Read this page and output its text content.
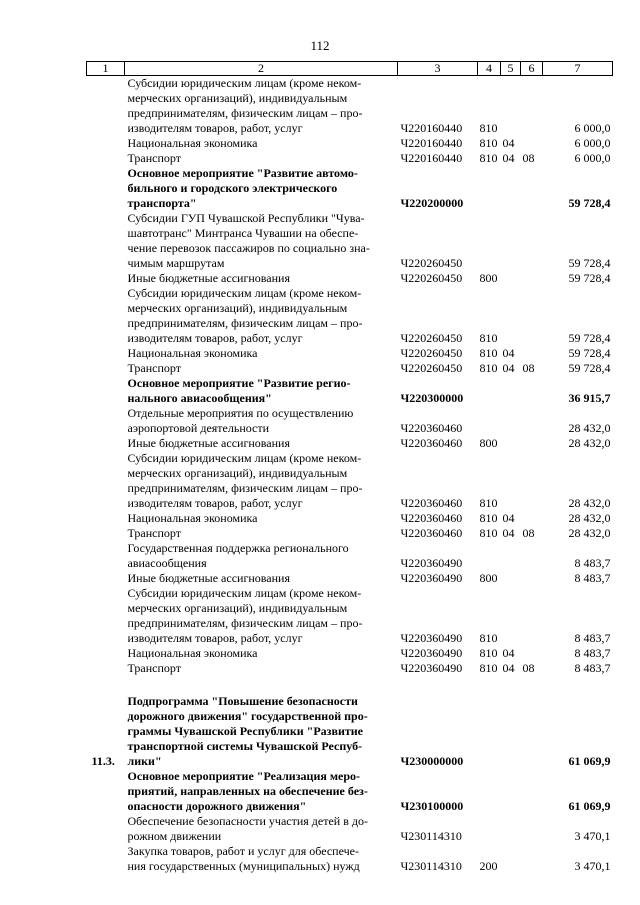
112
1	2	3	4	5	6	7

	Субсидии юридическим лицам (кроме неком-
мерческих организаций), индивидуальным
предпринимателям, физическим лицам – про-
изводителям товаров, работ, услуг	Ч220160440	810			6 000,0

	Национальная экономика	Ч220160440	810	04		6 000,0

	Транспорт	Ч220160440	810	04	08	6 000,0

	Основное мероприятие "Развитие автомо-
бильного и городского электрического
транспорта"	Ч220200000				59 728,4

	Субсидии ГУП Чувашской Республики "Чува-
шавтотранс" Минтранса Чувашии на обеспе-
чение перевозок пассажиров по социально зна-
чимым маршрутам	Ч220260450				59 728,4

	Иные бюджетные ассигнования	Ч220260450	800			59 728,4

	Субсидии юридическим лицам (кроме неком-
мерческих организаций), индивидуальным
предпринимателям, физическим лицам – про-
изводителям товаров, работ, услуг	Ч220260450	810			59 728,4

	Национальная экономика	Ч220260450	810	04		59 728,4

	Транспорт	Ч220260450	810	04	08	59 728,4

	Основное мероприятие "Развитие регио-
нального авиасообщения"	Ч220300000				36 915,7

	Отдельные мероприятия по осуществлению
аэропортовой деятельности	Ч220360460				28 432,0

	Иные бюджетные ассигнования	Ч220360460	800			28 432,0

	Субсидии юридическим лицам (кроме неком-
мерческих организаций), индивидуальным
предпринимателям, физическим лицам – про-
изводителям товаров, работ, услуг	Ч220360460	810			28 432,0

	Национальная экономика	Ч220360460	810	04		28 432,0

	Транспорт	Ч220360460	810	04	08	28 432,0

	Государственная поддержка регионального
авиасообщения	Ч220360490				8 483,7

	Иные бюджетные ассигнования	Ч220360490	800			8 483,7

	Субсидии юридическим лицам (кроме неком-
мерческих организаций), индивидуальным
предпринимателям, физическим лицам – про-
изводителям товаров, работ, услуг	Ч220360490	810			8 483,7

	Национальная экономика	Ч220360490	810	04		8 483,7

	Транспорт	Ч220360490	810	04	08	8 483,7

11.3.	Подпрограмма "Повышение безопасности
дорожного движения" государственной про-
граммы Чувашской Республики "Развитие
транспортной системы Чувашской Респуб-
лики"	Ч230000000				61 069,9

	Основное мероприятие "Реализация меро-
приятий, направленных на обеспечение без-
опасности дорожного движения"	Ч230100000				61 069,9

	Обеспечение безопасности участия детей в до-
рожном движении	Ч230114310				3 470,1

	Закупка товаров, работ и услуг для обеспече-
ния государственных (муниципальных) нужд	Ч230114310	200			3 470,1
